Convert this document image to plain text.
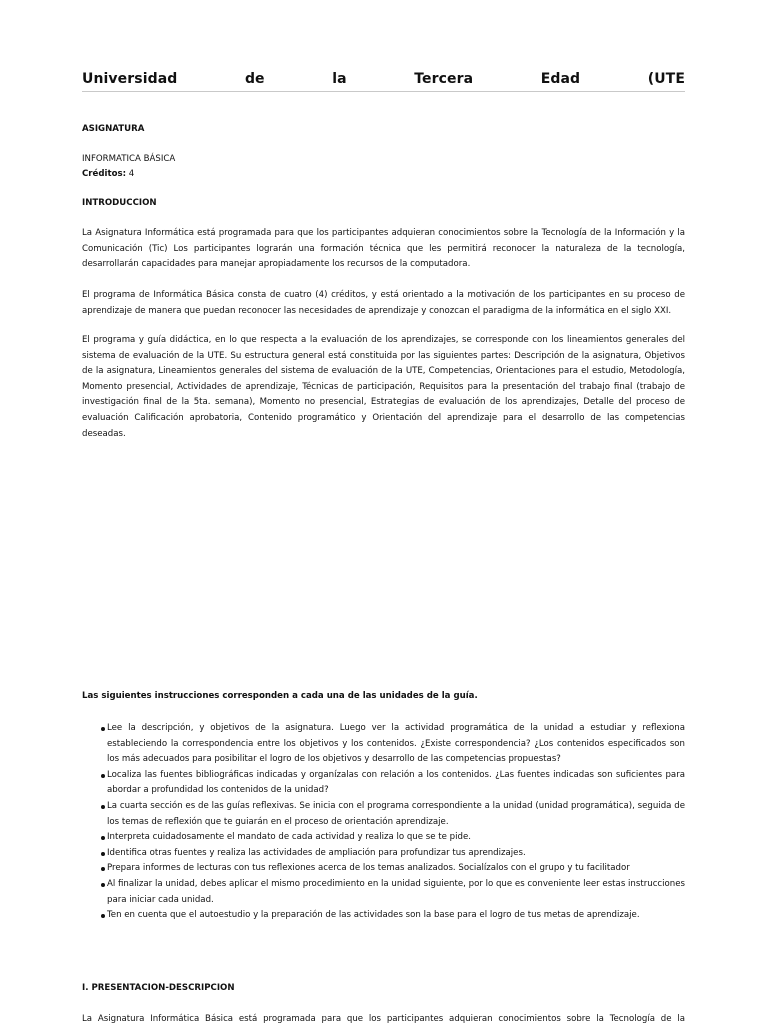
Universidad	de	la	Tercera	Edad	(UTE
ASIGNATURA
INFORMATICA BÁSICA
Créditos: 4
INTRODUCCION
La Asignatura Informática está programada para que los participantes adquieran conocimientos sobre la Tecnología de la Información y la Comunicación (Tic) Los participantes lograrán una formación técnica que les permitirá reconocer la naturaleza de la tecnología, desarrollarán capacidades para manejar apropiadamente los recursos de la computadora.
El programa de Informática Básica consta de cuatro (4) créditos, y está orientado a la motivación de los participantes en su proceso de aprendizaje de manera que puedan reconocer las necesidades de aprendizaje y conozcan el paradigma de la informática en el siglo XXI.
El programa y guía didáctica, en lo que respecta a la evaluación de los aprendizajes, se corresponde con los lineamientos generales del sistema de evaluación de la UTE. Su estructura general está constituida por las siguientes partes: Descripción de la asignatura, Objetivos de la asignatura, Lineamientos generales del sistema de evaluación de la UTE, Competencias, Orientaciones para el estudio, Metodología, Momento presencial, Actividades de aprendizaje, Técnicas de participación, Requisitos para la presentación del trabajo final (trabajo de investigación final de la 5ta. semana), Momento no presencial, Estrategias de evaluación de los aprendizajes, Detalle del proceso de evaluación Calificación aprobatoria, Contenido programático y Orientación del aprendizaje para el desarrollo de las competencias deseadas.
Las siguientes instrucciones corresponden a cada una de las unidades de la guía.
Lee la descripción, y objetivos de la asignatura. Luego ver la actividad programática de la unidad a estudiar y reflexiona estableciendo la correspondencia entre los objetivos y los contenidos. ¿Existe correspondencia? ¿Los contenidos especificados son los más adecuados para posibilitar el logro de los objetivos y desarrollo de las competencias propuestas?
Localiza las fuentes bibliográficas indicadas y organízalas con relación a los contenidos. ¿Las fuentes indicadas son suficientes para abordar a profundidad los contenidos de la unidad?
La cuarta sección es de las guías reflexivas. Se inicia con el programa correspondiente a la unidad (unidad programática), seguida de los temas de reflexión que te guiarán en el proceso de orientación aprendizaje.
Interpreta cuidadosamente el mandato de cada actividad y realiza lo que se te pide.
Identifica otras fuentes y realiza las actividades de ampliación para profundizar tus aprendizajes.
Prepara informes de lecturas con tus reflexiones acerca de los temas analizados. Socialízalos con el grupo y tu facilitador
Al finalizar la unidad, debes aplicar el mismo procedimiento en la unidad siguiente, por lo que es conveniente leer estas instrucciones para iniciar cada unidad.
Ten en cuenta que el autoestudio y la preparación de las actividades son la base para el logro de tus metas de aprendizaje.
I. PRESENTACION-DESCRIPCION
La Asignatura Informática Básica está programada para que los participantes adquieran conocimientos sobre la Tecnología de la
